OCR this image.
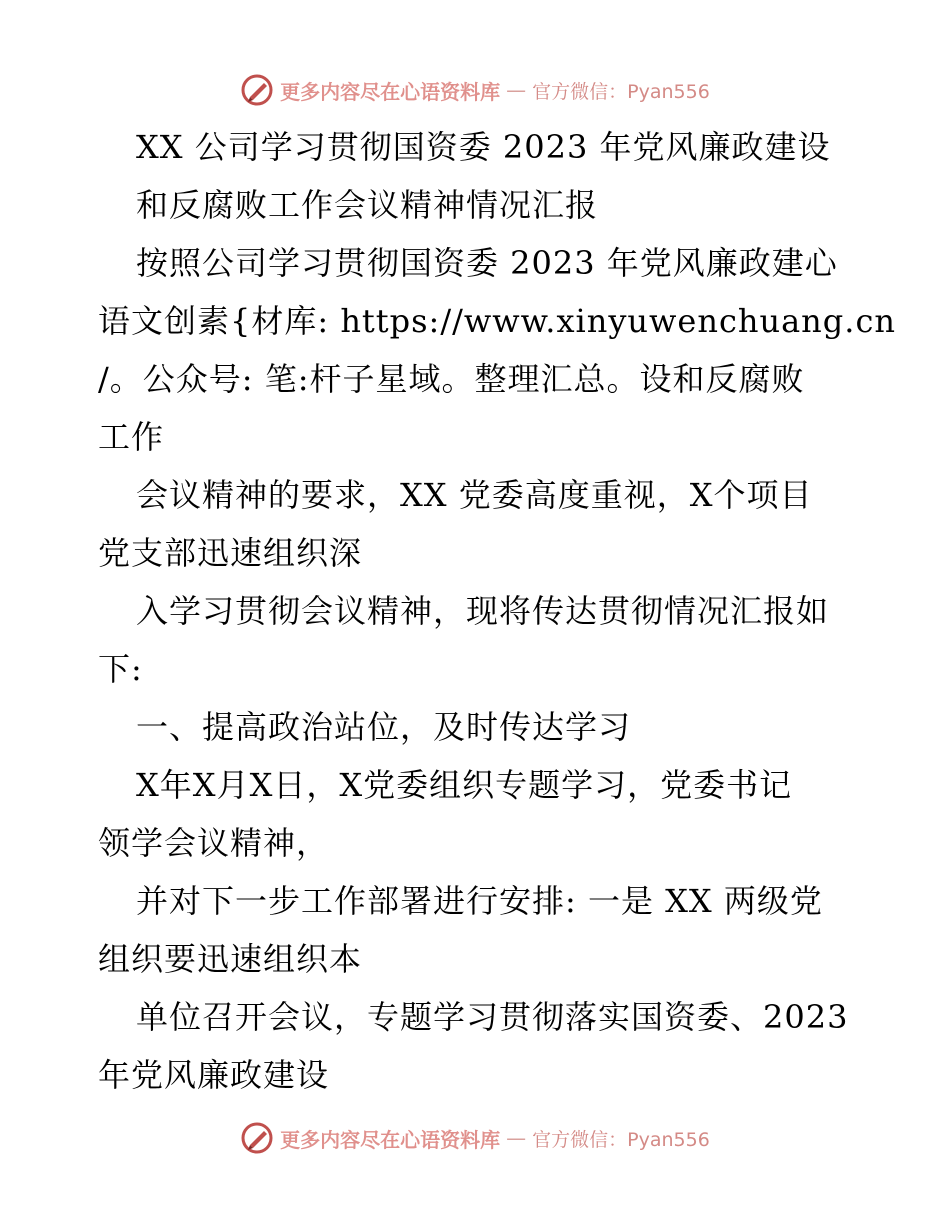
更多内容尽在心语资料库 — 官方微信：Pyan556
XX 公司学习贯彻国资委 2023 年党风廉政建设
和反腐败工作会议精神情况汇报
按照公司学习贯彻国资委 2023 年党风廉政建心
语文创素{材库: https://www.xinyuwenchuang.cn
/。公众号: 笔:杆子星域。整理汇总。设和反腐败
工作
会议精神的要求，XX 党委高度重视，X个项目
党支部迅速组织深
入学习贯彻会议精神，现将传达贯彻情况汇报如
下:
一、提高政治站位，及时传达学习
X年X月X日，X党委组织专题学习，党委书记
领学会议精神，
并对下一步工作部署进行安排: 一是 XX 两级党
组织要迅速组织本
单位召开会议，专题学习贯彻落实国资委、2023
年党风廉政建设
更多内容尽在心语资料库 — 官方微信：Pyan556
